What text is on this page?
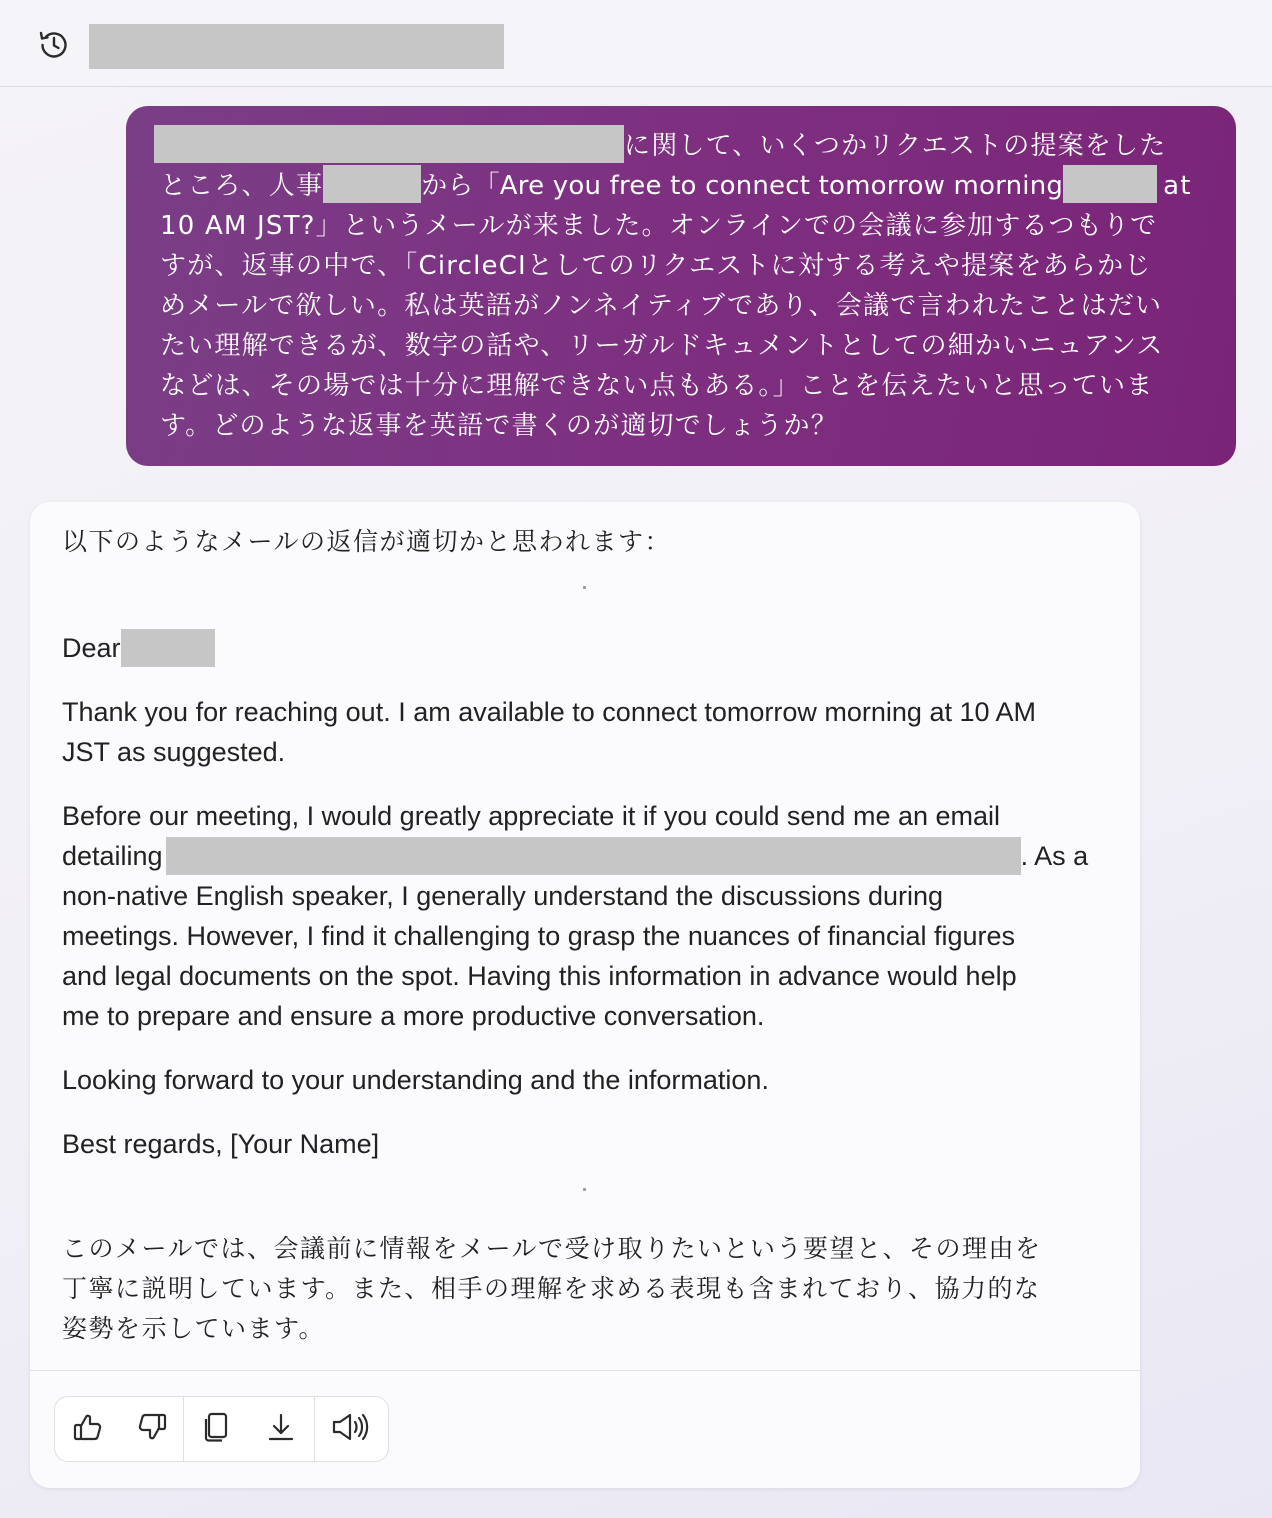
に関して、いくつかリクエストの提案をした
ところ、人事	から「Are you free to connect tomorrow morning	at
10 AM JST?」というメールが来ました。オンラインでの会議に参加するつもりで
すが、返事の中で、「CircleCIとしてのリクエストに対する考えや提案をあらかじ
めメールで欲しい。私は英語がノンネイティブであり、会議で言われたことはだい
たい理解できるが、数字の話や、リーガルドキュメントとしての細かいニュアンス
などは、その場では十分に理解できない点もある。」ことを伝えたいと思っていま
す。どのような返事を英語で書くのが適切でしょうか？

以下のようなメールの返信が適切かと思われます：

Dear

Thank you for reaching out. I am available to connect tomorrow morning at 10 AM
JST as suggested.

Before our meeting, I would greatly appreciate it if you could send me an email
detailing	. As a
non-native English speaker, I generally understand the discussions during
meetings. However, I find it challenging to grasp the nuances of financial figures
and legal documents on the spot. Having this information in advance would help
me to prepare and ensure a more productive conversation.

Looking forward to your understanding and the information.

Best regards, [Your Name]

このメールでは、会議前に情報をメールで受け取りたいという要望と、その理由を
丁寧に説明しています。また、相手の理解を求める表現も含まれており、協力的な
姿勢を示しています。
